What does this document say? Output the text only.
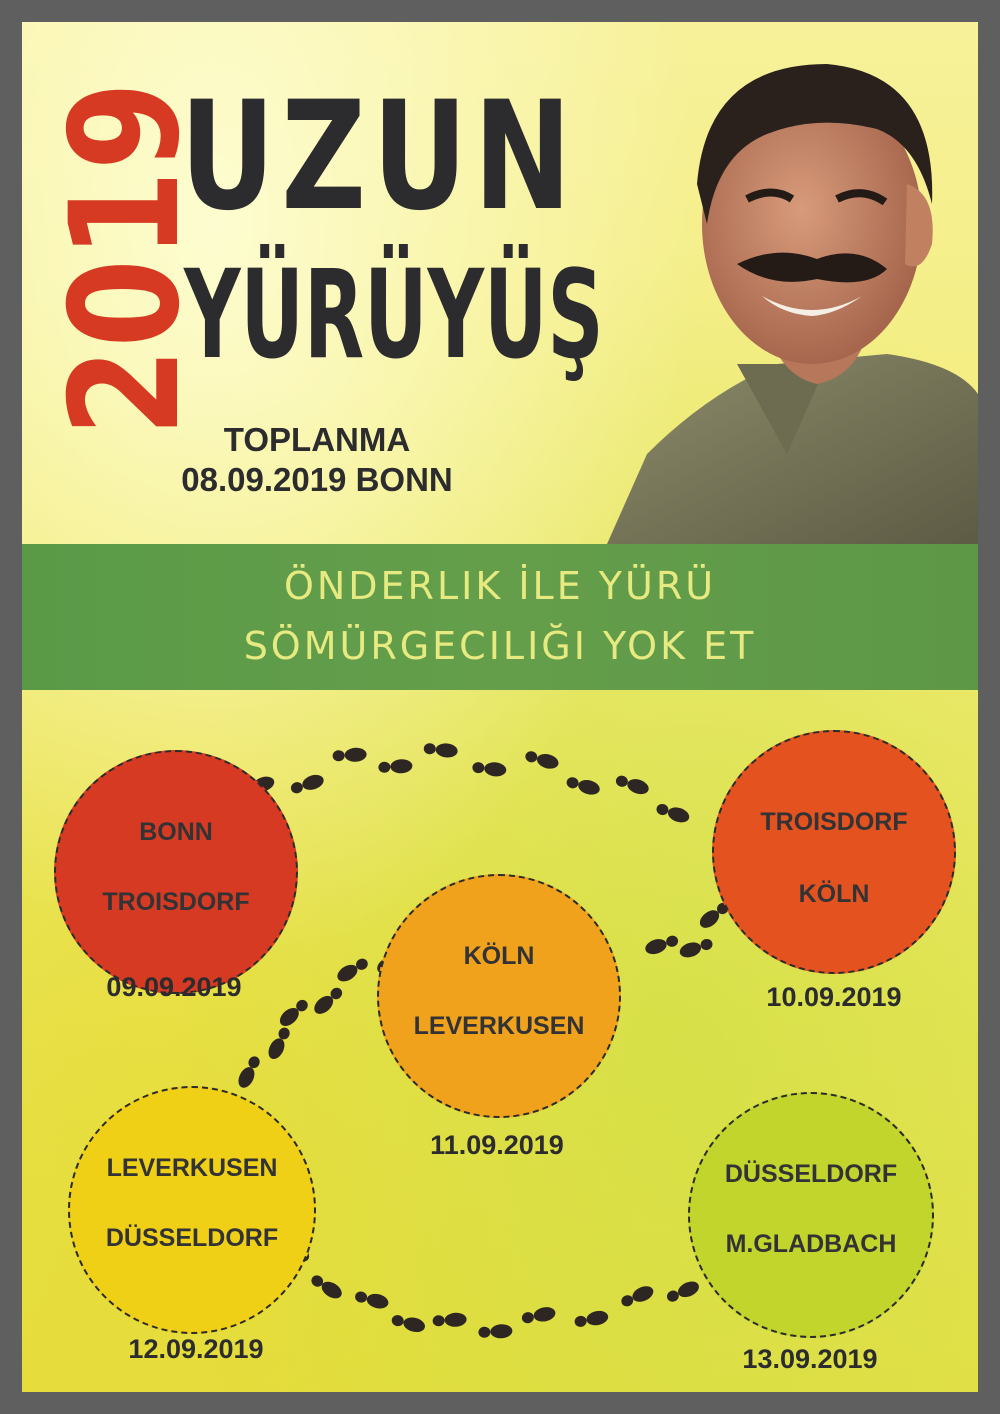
2019
UZUN
YÜRÜYÜŞ
TOPLANMA
08.09.2019 BONN
ÖNDERLIK İLE YÜRÜ
SÖMÜRGECILIĞI YOK ET
BONN
TROISDORF
09.09.2019
TROISDORF
KÖLN
10.09.2019
KÖLN
LEVERKUSEN
11.09.2019
LEVERKUSEN
DÜSSELDORF
12.09.2019
DÜSSELDORF
M.GLADBACH
13.09.2019
